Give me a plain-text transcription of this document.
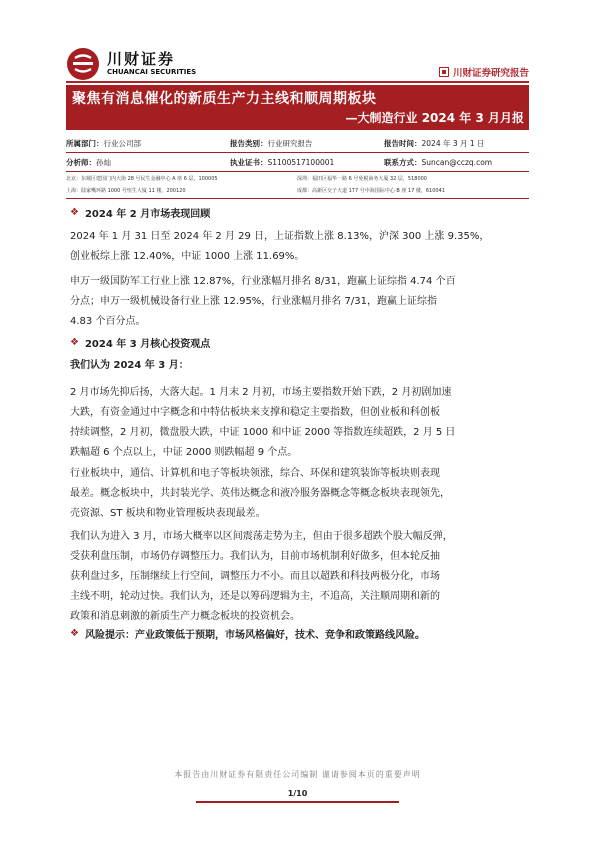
川财证券
CHUANCAI SECURITIES	川财证券研究报告
聚焦有消息催化的新质生产力主线和顺周期板块
—大制造行业 2024 年 3 月月报
所属部门：行业公司部	报告类别：行业研究报告	报告时间：2024 年 3 月 1 日
分析师：孙灿	执业证书：S1100517100001	联系方式：Suncan@cczq.com
北京：东城区建国门内大街 28 号民生金融中心 A 座 6 层，100005	深圳：福田区福华一路 6 号免税商务大厦 32 层，518000
上海：陆家嘴环路 1000 号恒生大厦 11 楼，200120	成都：高新区交子大道 177 号中海国际中心 B 座 17 楼，610041
❖ 2024 年 2 月市场表现回顾
2024 年 1 月 31 日至 2024 年 2 月 29 日，上证指数上涨 8.13%，沪深 300 上涨 9.35%，
创业板综上涨 12.40%，中证 1000 上涨 11.69%。
申万一级国防军工行业上涨 12.87%，行业涨幅月排名 8/31，跑赢上证综指 4.74 个百
分点；申万一级机械设备行业上涨 12.95%，行业涨幅月排名 7/31，跑赢上证综指
4.83 个百分点。
❖ 2024 年 3 月核心投资观点
我们认为 2024 年 3 月：
2 月市场先抑后扬，大落大起。1 月末 2 月初，市场主要指数开始下跌，2 月初剧加速
大跌，有资金通过中字概念和中特估板块来支撑和稳定主要指数，但创业板和科创板
持续调整，2 月初，微盘股大跌，中证 1000 和中证 2000 等指数连续超跌，2 月 5 日
跌幅超 6 个点以上，中证 2000 则跌幅超 9 个点。
行业板块中，通信、计算机和电子等板块领涨，综合、环保和建筑装饰等板块则表现
最差。概念板块中，共封装光学、英伟达概念和液冷服务器概念等概念板块表现领先，
壳资源、ST 板块和物业管理板块表现最差。
我们认为进入 3 月，市场大概率以区间震荡走势为主，但由于很多超跌个股大幅反弹，
受获利盘压制，市场仍存调整压力。我们认为，目前市场机制利好做多，但本轮反抽
获利盘过多，压制继续上行空间，调整压力不小。而且以超跌和科技两极分化，市场
主线不明，轮动过快。我们认为，还是以筹码逻辑为主，不追高，关注顺周期和新的
政策和消息刺激的新质生产力概念板块的投资机会。
❖ 风险提示：产业政策低于预期，市场风格偏好，技术、竞争和政策路线风险。
本报告由川财证券有限责任公司编制 谨请参阅本页的重要声明
1/10
